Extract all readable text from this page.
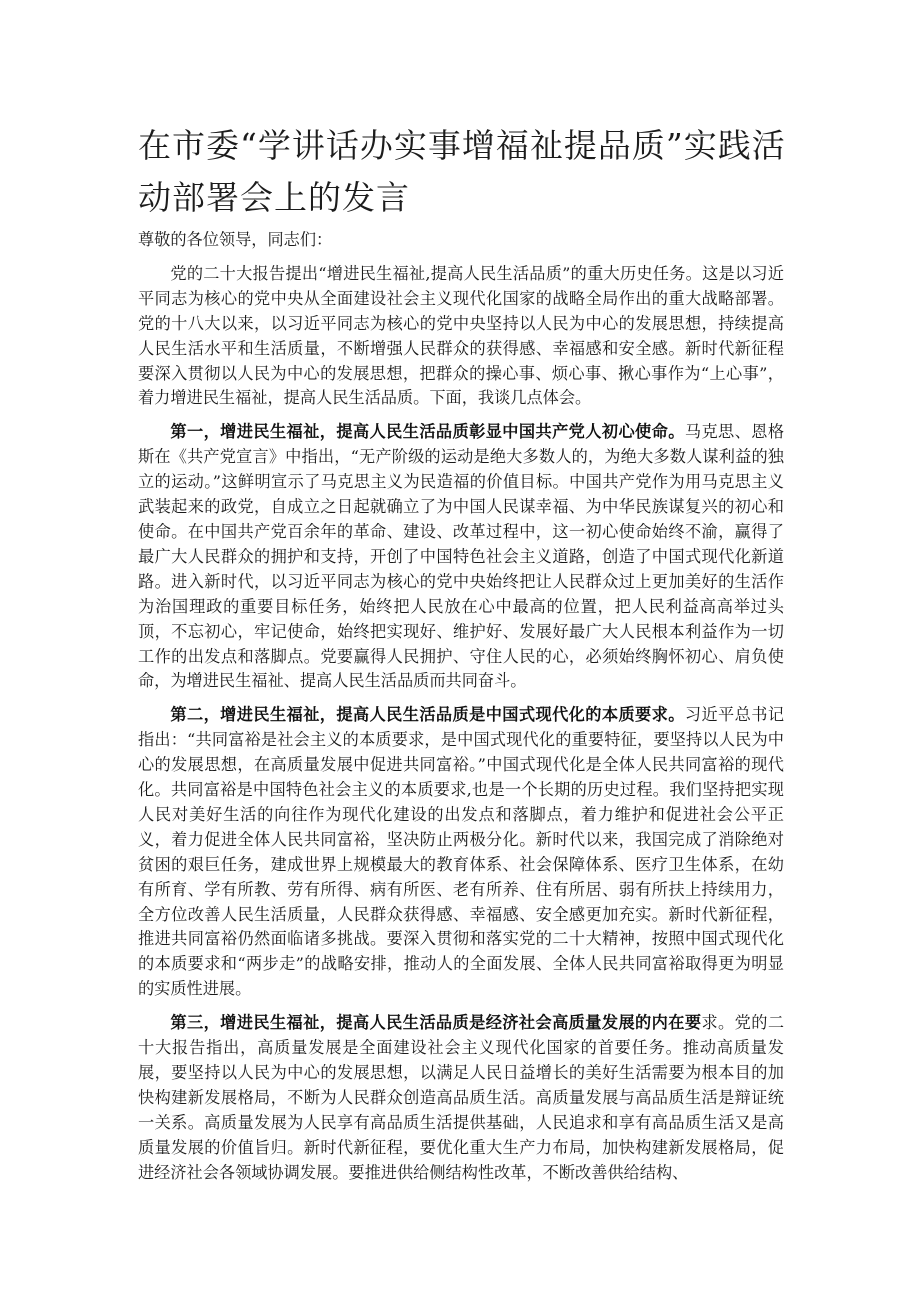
在市委“学讲话办实事增福祉提品质”实践活动部署会上的发言

尊敬的各位领导，同志们：

党的二十大报告提出“增进民生福祉,提高人民生活品质”的重大历史任务。这是以习近平同志为核心的党中央从全面建设社会主义现代化国家的战略全局作出的重大战略部署。党的十八大以来，以习近平同志为核心的党中央坚持以人民为中心的发展思想，持续提高人民生活水平和生活质量，不断增强人民群众的获得感、幸福感和安全感。新时代新征程要深入贯彻以人民为中心的发展思想，把群众的操心事、烦心事、揪心事作为“上心事”，着力增进民生福祉，提高人民生活品质。下面，我谈几点体会。

第一，增进民生福祉，提高人民生活品质彰显中国共产党人初心使命。马克思、恩格斯在《共产党宣言》中指出，“无产阶级的运动是绝大多数人的，为绝大多数人谋利益的独立的运动。”这鲜明宣示了马克思主义为民造福的价值目标。中国共产党作为用马克思主义武装起来的政党，自成立之日起就确立了为中国人民谋幸福、为中华民族谋复兴的初心和使命。在中国共产党百余年的革命、建设、改革过程中，这一初心使命始终不渝，赢得了最广大人民群众的拥护和支持，开创了中国特色社会主义道路，创造了中国式现代化新道路。进入新时代，以习近平同志为核心的党中央始终把让人民群众过上更加美好的生活作为治国理政的重要目标任务，始终把人民放在心中最高的位置，把人民利益高高举过头顶，不忘初心，牢记使命，始终把实现好、维护好、发展好最广大人民根本利益作为一切工作的出发点和落脚点。党要赢得人民拥护、守住人民的心，必须始终胸怀初心、肩负使命，为增进民生福祉、提高人民生活品质而共同奋斗。

第二，增进民生福祉，提高人民生活品质是中国式现代化的本质要求。习近平总书记指出：“共同富裕是社会主义的本质要求，是中国式现代化的重要特征，要坚持以人民为中心的发展思想，在高质量发展中促进共同富裕。”中国式现代化是全体人民共同富裕的现代化。共同富裕是中国特色社会主义的本质要求,也是一个长期的历史过程。我们坚持把实现人民对美好生活的向往作为现代化建设的出发点和落脚点，着力维护和促进社会公平正义，着力促进全体人民共同富裕，坚决防止两极分化。新时代以来，我国完成了消除绝对贫困的艰巨任务，建成世界上规模最大的教育体系、社会保障体系、医疗卫生体系，在幼有所育、学有所教、劳有所得、病有所医、老有所养、住有所居、弱有所扶上持续用力，全方位改善人民生活质量，人民群众获得感、幸福感、安全感更加充实。新时代新征程，推进共同富裕仍然面临诸多挑战。要深入贯彻和落实党的二十大精神，按照中国式现代化的本质要求和“两步走”的战略安排，推动人的全面发展、全体人民共同富裕取得更为明显的实质性进展。

第三，增进民生福祉，提高人民生活品质是经济社会高质量发展的内在要求。党的二十大报告指出，高质量发展是全面建设社会主义现代化国家的首要任务。推动高质量发展，要坚持以人民为中心的发展思想，以满足人民日益增长的美好生活需要为根本目的加快构建新发展格局，不断为人民群众创造高品质生活。高质量发展与高品质生活是辩证统一关系。高质量发展为人民享有高品质生活提供基础，人民追求和享有高品质生活又是高质量发展的价值旨归。新时代新征程，要优化重大生产力布局，加快构建新发展格局，促进经济社会各领域协调发展。要推进供给侧结构性改革，不断改善供给结构、
